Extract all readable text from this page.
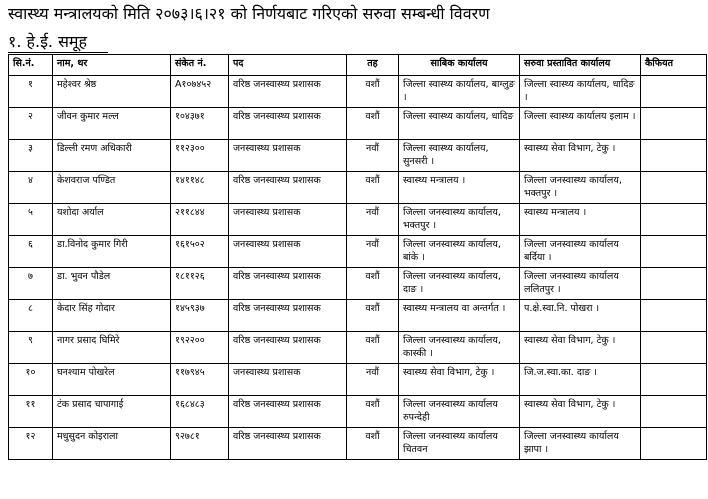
स्वास्थ्य मन्त्रालयको मिति २०७३।६।२१ को निर्णयबाट गरिएको सरुवा सम्बन्धी विवरण
१. हे.ई. समूह
सि.नं.	नाम, थर	संकेत नं.	पद	तह	साबिक कार्यालय	सरुवा प्रस्तावित कार्यालय	कैफियत
१	महेश्वर श्रेष्ठ	A१०७४५२	वरिष्ठ जनस्वास्थ्य प्रशासक	वशौं	जिल्ला स्वास्थ्य कार्यालय, बाग्लुङ ।	जिल्ला स्वास्थ्य कार्यालय, धादिङ ।	
२	जीवन कुमार मल्ल	१०४३७१	वरिष्ठ जनस्वास्थ्य प्रशासक	वशौं	जिल्ला स्वास्थ्य कार्यालय, धादिङ	जिल्ला स्वास्थ्य कार्यालय इलाम ।	
३	डिल्ली रमण अधिकारी	११२३००	जनस्वास्थ्य प्रशासक	नवौं	जिल्ला स्वास्थ्य कार्यालय, सुनसरी ।	स्वास्थ्य सेवा विभाग, टेकु ।	
४	केशवराज पण्डित	१४११४८	वरिष्ठ जनस्वास्थ्य प्रशासक	वशौं	स्वास्थ्य मन्त्रालय ।	जिल्ला जनस्वास्थ्य कार्यालय, भक्तपुर ।	
५	यशोदा अर्याल	२११८४४	जनस्वास्थ्य प्रशासक	नवौं	जिल्ला जनस्वास्थ्य कार्यालय, भक्तपुर ।	स्वास्थ्य मन्त्रालय ।	
६	डा.विनोद कुमार गिरी	१६१५०२	जनस्वास्थ्य प्रशासक	नवौं	जिल्ला जनस्वास्थ्य कार्यालय, बांके ।	जिल्ला जनस्वास्थ्य कार्यालय बर्दिया ।	
७	डा. भुवन पौडेल	१८११२६	वरिष्ठ जनस्वास्थ्य प्रशासक	वशौं	जिल्ला जनस्वास्थ्य कार्यालय, दाङ ।	जिल्ला जनस्वास्थ्य कार्यालय ललितपुर ।	
८	केदार सिंह गोदार	१४५९३७	वरिष्ठ जनस्वास्थ्य प्रशासक	वशौं	स्वास्थ्य मन्त्रालय वा अन्तर्गत ।	प.क्षे.स्वा.नि. पोखरा ।	
९	नागर प्रसाद घिमिरे	१९२२००	वरिष्ठ जनस्वास्थ्य प्रशासक	वशौं	जिल्ला जनस्वास्थ्य कार्यालय, कास्की ।	स्वास्थ्य सेवा विभाग, टेकु ।	
१०	घनश्याम पोखरेल	११७९४५	जनस्वास्थ्य प्रशासक	नवौं	स्वास्थ्य सेवा विभाग, टेकु ।	जि.ज.स्वा.का. दाङ ।	
११	टंक प्रसाद चापागाई	१६८४८३	वरिष्ठ जनस्वास्थ्य प्रशासक	वशौं	जिल्ला जनस्वास्थ्य कार्यालय रुपन्देही	स्वास्थ्य सेवा विभाग, टेकु ।	
१२	मधुसुदन कोइराला	९२७८१	वरिष्ठ जनस्वास्थ्य प्रशासक	वशौं	जिल्ला जनस्वास्थ्य कार्यालय चितवन	जिल्ला जनस्वास्थ्य कार्यालय झापा ।	
